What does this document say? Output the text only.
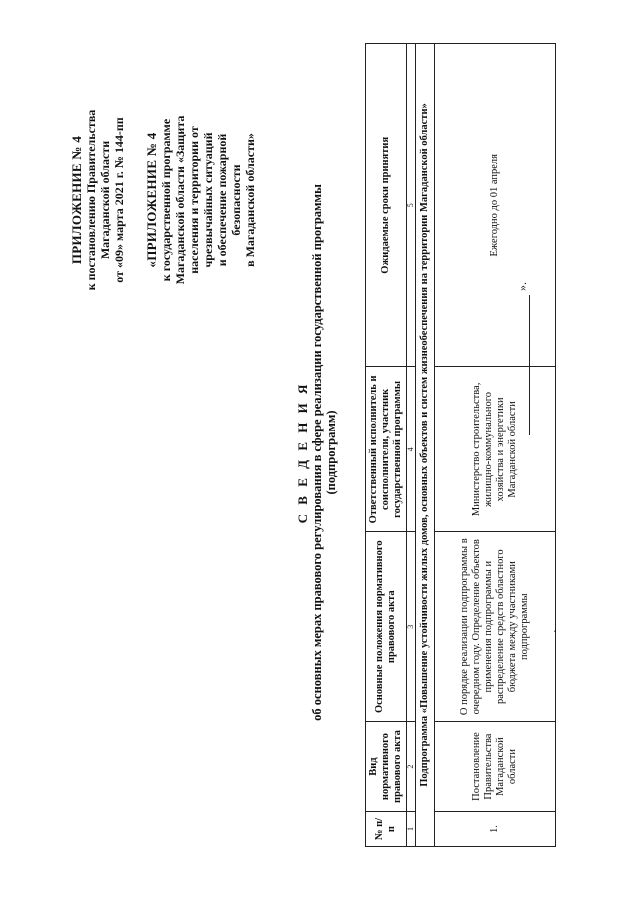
ПРИЛОЖЕНИЕ № 4 к постановлению Правительства Магаданской области от «09» марта 2021 г. № 144-пп «ПРИЛОЖЕНИЕ № 4 к государственной программе Магаданской области «Защита населения и территории от чрезвычайных ситуаций и обеспечение пожарной безопасности в Магаданской области»
С В Е Д Е Н И Я об основных мерах правового регулирования в сфере реализации государственной программы (подпрограмм)
№ п/п	Вид нормативного правового акта	Основные положения нормативного правового акта	Ответственный исполнитель и соисполнители, участник государственной программы	Ожидаемые сроки принятия
1	2	3	4	5
Подпрограмма «Повышение устойчивости жилых домов, основных объектов и систем жизнеобеспечения на территории Магаданской области»				
1.	Постановление Правительства Магаданской области	О порядке реализации подпрограммы в очередном году. Определение объектов применения подпрограммы и распределение средств областного бюджета между участниками подпрограммы	Министерство строительства, жилищно-коммунального хозяйства и энергетики Магаданской области	Ежегодно до 01 апреля
».
.
